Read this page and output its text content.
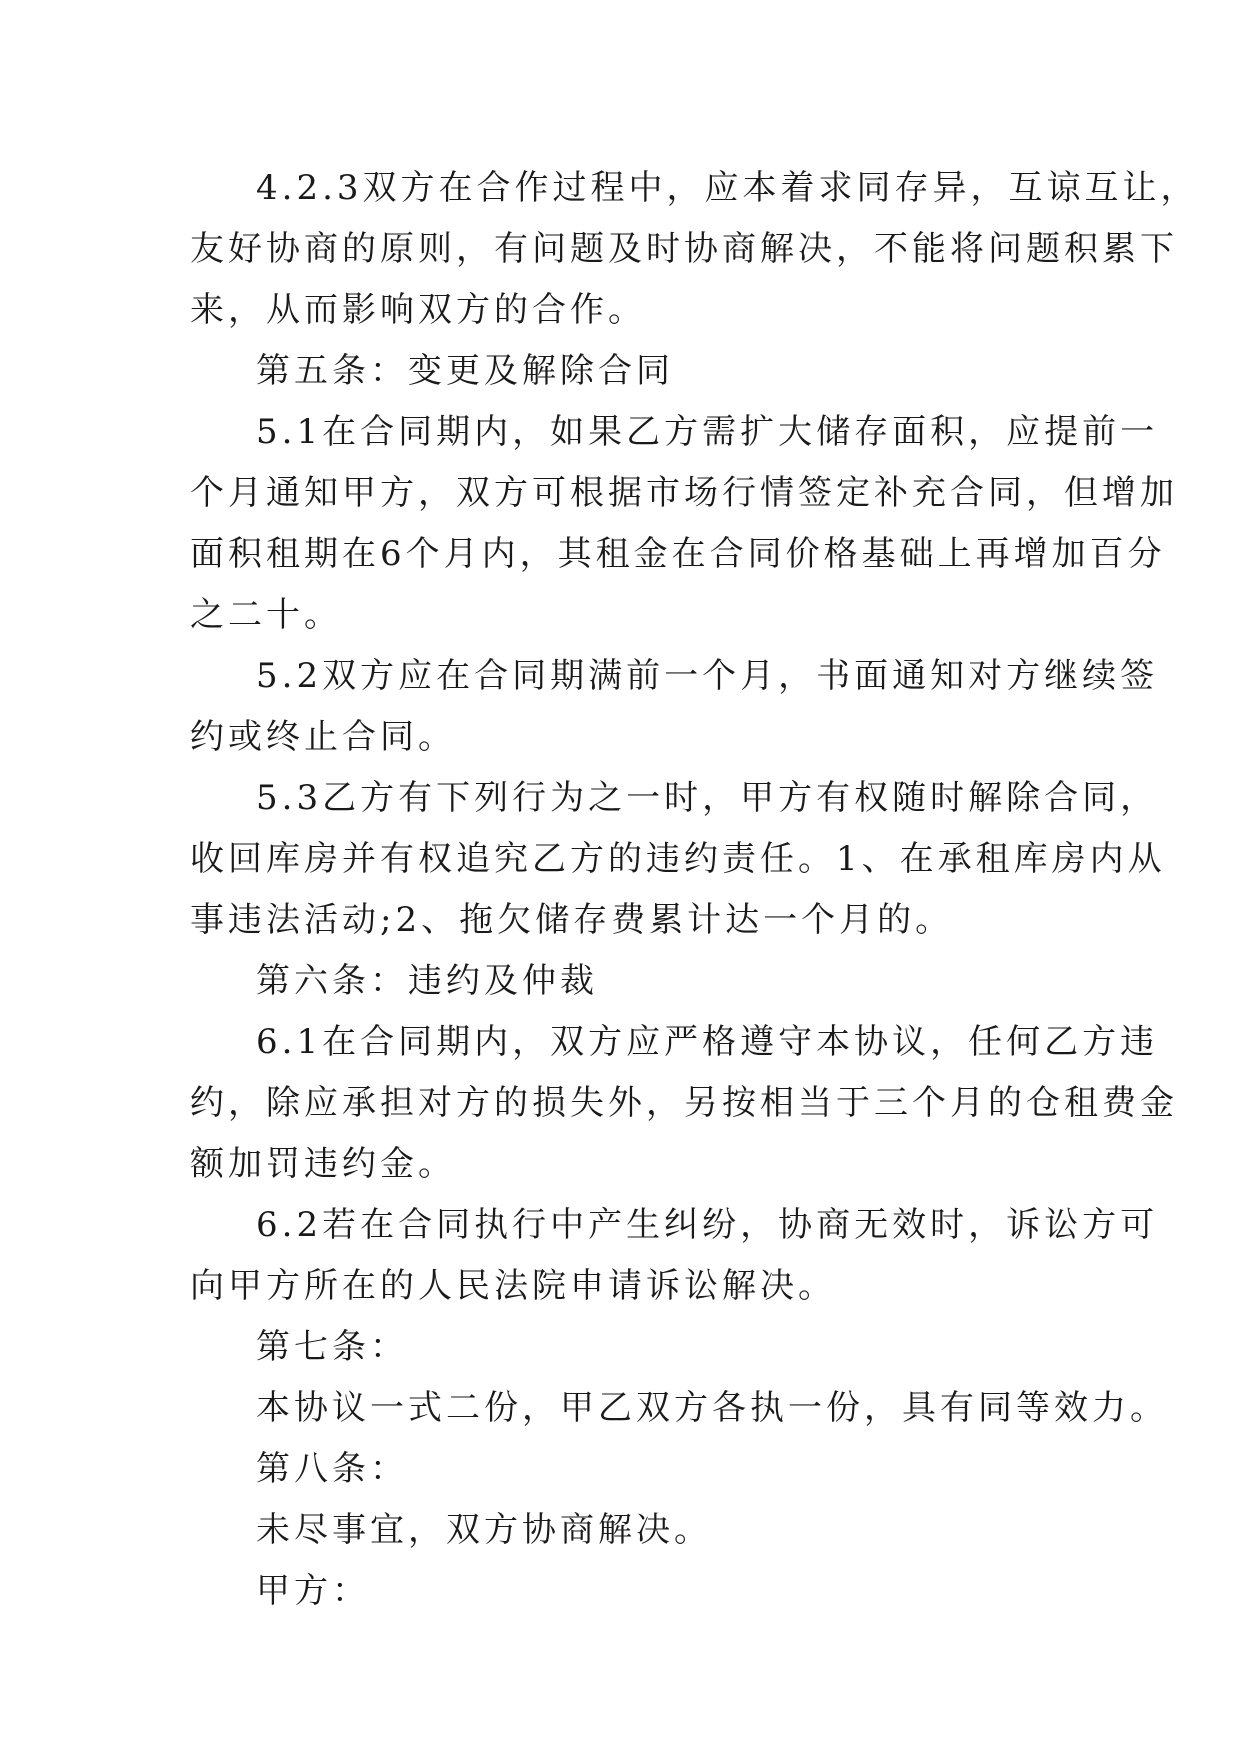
4.2.3双方在合作过程中，应本着求同存异，互谅互让，
友好协商的原则，有问题及时协商解决，不能将问题积累下
来，从而影响双方的合作。
第五条：变更及解除合同
5.1在合同期内，如果乙方需扩大储存面积，应提前一
个月通知甲方，双方可根据市场行情签定补充合同，但增加
面积租期在6个月内，其租金在合同价格基础上再增加百分
之二十。
5.2双方应在合同期满前一个月，书面通知对方继续签
约或终止合同。
5.3乙方有下列行为之一时，甲方有权随时解除合同，
收回库房并有权追究乙方的违约责任。1、在承租库房内从
事违法活动;2、拖欠储存费累计达一个月的。
第六条：违约及仲裁
6.1在合同期内，双方应严格遵守本协议，任何乙方违
约，除应承担对方的损失外，另按相当于三个月的仓租费金
额加罚违约金。
6.2若在合同执行中产生纠纷，协商无效时，诉讼方可
向甲方所在的人民法院申请诉讼解决。
第七条：
本协议一式二份，甲乙双方各执一份，具有同等效力。
第八条：
未尽事宜，双方协商解决。
甲方：
